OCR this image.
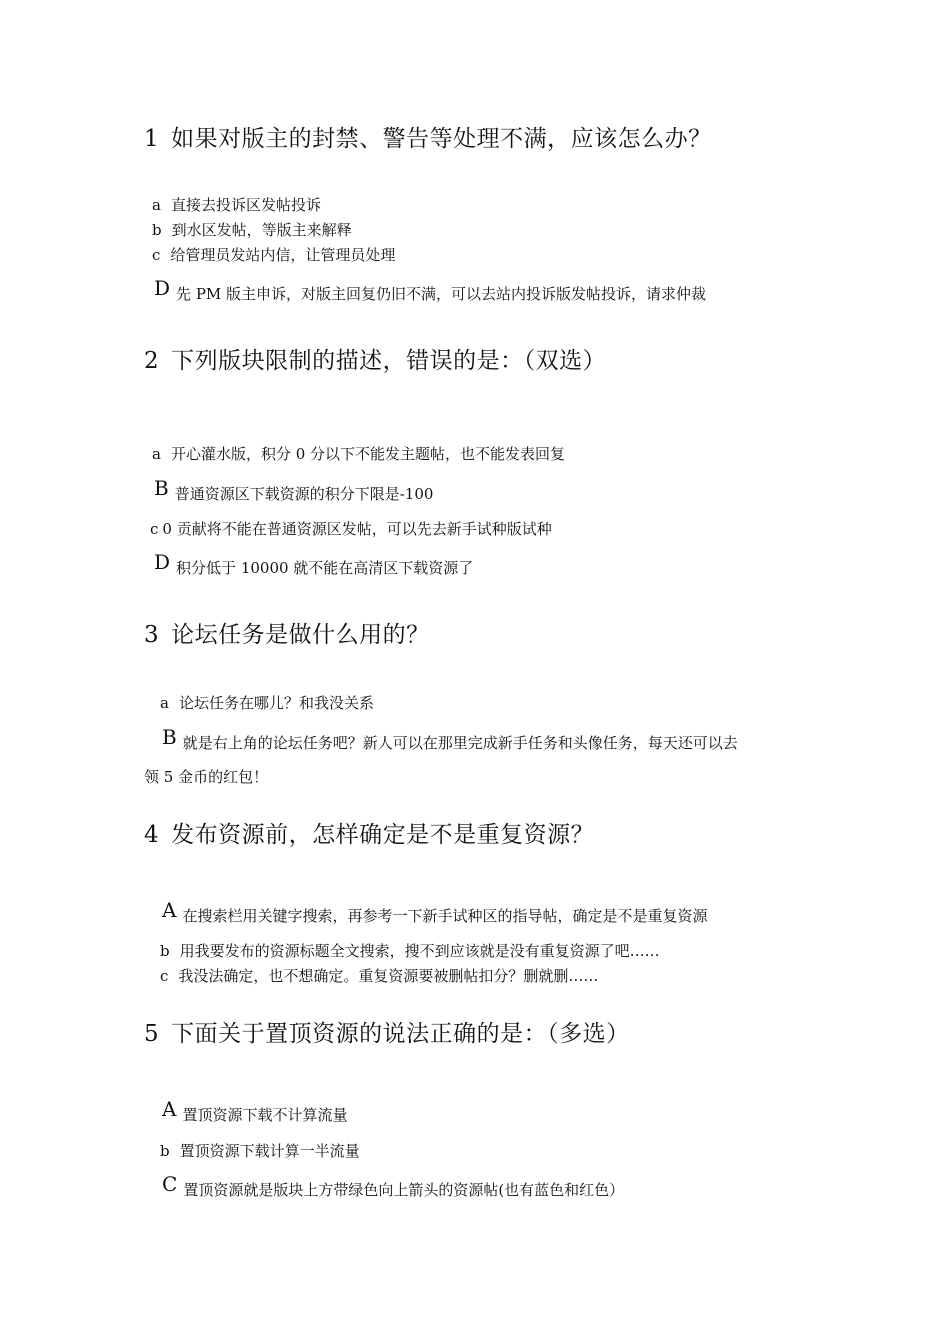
1 如果对版主的封禁、警告等处理不满，应该怎么办？
a 直接去投诉区发帖投诉
b 到水区发帖，等版主来解释
c 给管理员发站内信，让管理员处理
D 先 PM 版主申诉，对版主回复仍旧不满，可以去站内投诉版发帖投诉，请求仲裁
2 下列版块限制的描述，错误的是：（双选）
a 开心灌水版，积分 0 分以下不能发主题帖，也不能发表回复
B 普通资源区下载资源的积分下限是-100
c 0 贡献将不能在普通资源区发帖，可以先去新手试种版试种
D 积分低于 10000 就不能在高清区下载资源了
3 论坛任务是做什么用的？
a 论坛任务在哪儿？和我没关系
B 就是右上角的论坛任务吧？新人可以在那里完成新手任务和头像任务，每天还可以去
领 5 金币的红包！
4 发布资源前，怎样确定是不是重复资源？
A 在搜索栏用关键字搜索，再参考一下新手试种区的指导帖，确定是不是重复资源
b 用我要发布的资源标题全文搜索，搜不到应该就是没有重复资源了吧……
c 我没法确定，也不想确定。重复资源要被删帖扣分？删就删……
5 下面关于置顶资源的说法正确的是：（多选）
A 置顶资源下载不计算流量
b 置顶资源下载计算一半流量
C 置顶资源就是版块上方带绿色向上箭头的资源帖(也有蓝色和红色）
